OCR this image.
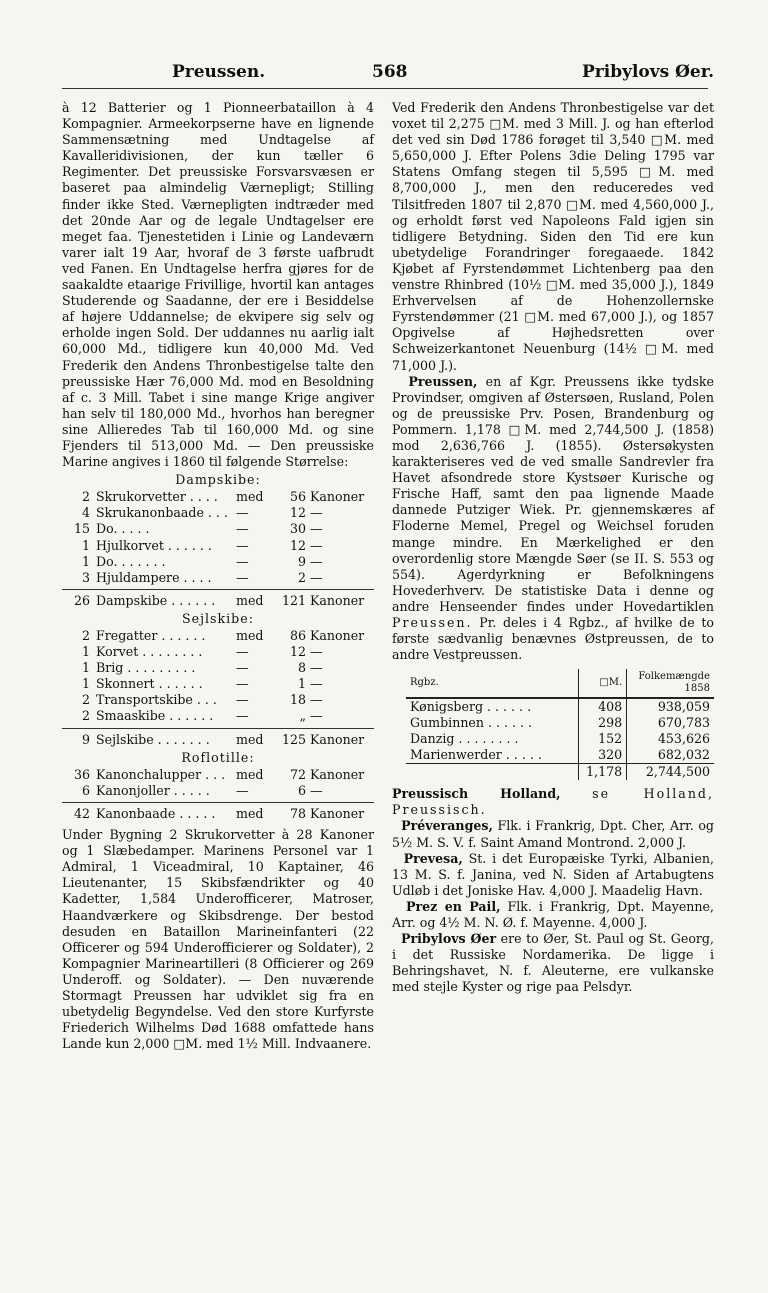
Preussen.	568	Pribylovs Øer.

à 12 Batterier og 1 Pionneerbataillon à 4 Kompagnier. Armeekorpserne have en lignende Sammensætning med Undtagelse af Kavalleridivisionen, der kun tæller 6 Regimenter. Det preussiske Forsvarsvæsen er baseret paa almindelig Værnepligt; Stilling finder ikke Sted. Værnepligten indtræder med det 20nde Aar og de legale Undtagelser ere meget faa. Tjenestetiden i Linie og Landeværn varer ialt 19 Aar, hvoraf de 3 første uafbrudt ved Fanen. En Undtagelse herfra gjøres for de saakaldte etaarige Frivillige, hvortil kan antages Studerende og Saadanne, der ere i Besiddelse af højere Uddannelse; de ekvipere sig selv og erholde ingen Sold. Der uddannes nu aarlig ialt 60,000 Md., tidligere kun 40,000 Md. Ved Frederik den Andens Thronbestigelse talte den preussiske Hær 76,000 Md. mod en Besoldning af c. 3 Mill. Tabet i sine mange Krige angiver han selv til 180,000 Md., hvorhos han beregner sine Allieredes Tab til 160,000 Md. og sine Fjenders til 513,000 Md. — Den preussiske Marine angives i 1860 til følgende Størrelse:

Dampskibe:
2 Skrukorvetter . . . .	med	56 Kanoner
4 Skrukanonbaade . . . —	12 —
15 Do. . . . .	—	30 —
1 Hjulkorvet . . . . . .	—	12 —
1 Do. . . . . . .	—	9 —
3 Hjuldampere . . . .	—	2 —
26 Dampskibe . . . . . .	med	121 Kanoner
Sejlskibe:
2 Fregatter . . . . . .	med	86 Kanoner
1 Korvet . . . . . . . .	—	12 —
1 Brig . . . . . . . . .	—	8 —
1 Skonnert . . . . . .	—	1 —
2 Transportskibe . . .	—	18 —
2 Smaaskibe . . . . . .	—	„ —
9 Sejlskibe . . . . . . .	med	125 Kanoner
Roflotille:
36 Kanonchalupper . . . med	72 Kanoner
6 Kanonjoller . . . . .	—	6 —
42 Kanonbaade . . . . .	med	78 Kanoner

Under Bygning 2 Skrukorvetter à 28 Kanoner og 1 Slæbedamper. Marinens Personel var 1 Admiral, 1 Viceadmiral, 10 Kaptainer, 46 Lieutenanter, 15 Skibsfændrikter og 40 Kadetter, 1,584 Underofficerer, Matroser, Haandværkere og Skibsdrenge. Der bestod desuden en Bataillon Marineinfanteri (22 Officerer og 594 Underofficierer og Soldater), 2 Kompagnier Marineartilleri (8 Officierer og 269 Underoff. og Soldater). — Den nuværende Stormagt Preussen har udviklet sig fra en ubetydelig Begyndelse. Ved den store Kurfyrste Friederich Wilhelms Død 1688 omfattede hans Lande kun 2,000 □M. med 1½ Mill. Indvaanere.

Ved Frederik den Andens Thronbestigelse var det voxet til 2,275 □M. med 3 Mill. J. og han efterlod det ved sin Død 1786 forøget til 3,540 □M. med 5,650,000 J. Efter Polens 3die Deling 1795 var Statens Omfang stegen til 5,595 □M. med 8,700,000 J., men den reduceredes ved Tilsitfreden 1807 til 2,870 □M. med 4,560,000 J., og erholdt først ved Napoleons Fald igjen sin tidligere Betydning. Siden den Tid ere kun ubetydelige Forandringer foregaaede. 1842 Kjøbet af Fyrstendømmet Lichtenberg paa den venstre Rhinbred (10½ □M. med 35,000 J.), 1849 Erhvervelsen af de Hohenzollernske Fyrstendømmer (21 □M. med 67,000 J.), og 1857 Opgivelse af Højhedsretten over Schweizerkantonet Neuenburg (14½ □M. med 71,000 J.).

Preussen, en af Kgr. Preussens ikke tydske Provindser, omgiven af Østersøen, Rusland, Polen og de preussiske Prv. Posen, Brandenburg og Pommern. 1,178 □M. med 2,744,500 J. (1858) mod 2,636,766 J. (1855). Østersøkysten karakteriseres ved de ved smalle Sandrevler fra Havet afsondrede store Kystsøer Kurische og Frische Haff, samt den paa lignende Maade dannede Putziger Wiek. Pr. gjennemskæres af Floderne Memel, Pregel og Weichsel foruden mange mindre. En Mærkelighed er den overordenlig store Mængde Søer (se II. S. 553 og 554). Agerdyrkning er Befolkningens Hovederhverv. De statistiske Data i denne og andre Henseender findes under Hovedartiklen Preussen. Pr. deles i 4 Rgbz., af hvilke de to første sædvanlig benævnes Østpreussen, de to andre Vestpreussen.

Rgbz.	□M.	Folkemængde
1858
Kønigsberg . . . . . .	408	938,059
Gumbinnen . . . . . .	298	670,783
Danzig . . . . . . . .	152	453,626
Marienwerder . . . . .	320	682,032
	1,178	2,744,500

Preussisch Holland,	se Holland, Preussisch.

Préveranges, Flk. i Frankrig, Dpt. Cher, Arr. og 5½ M. S. V. f. Saint Amand Montrond. 2,000 J.

Prevesa, St. i det Europæiske Tyrki, Albanien, 13 M. S. f. Janina, ved N. Siden af Artabugtens Udløb i det Joniske Hav. 4,000 J. Maadelig Havn.

Prez en Pail, Flk. i Frankrig, Dpt. Mayenne, Arr. og 4½ M. N. Ø. f. Mayenne. 4,000 J.

Pribylovs Øer ere to Øer, St. Paul og St. Georg, i det Russiske Nordamerika. De ligge i Behringshavet, N. f. Aleuterne, ere vulkanske med stejle Kyster og rige paa Pelsdyr.
